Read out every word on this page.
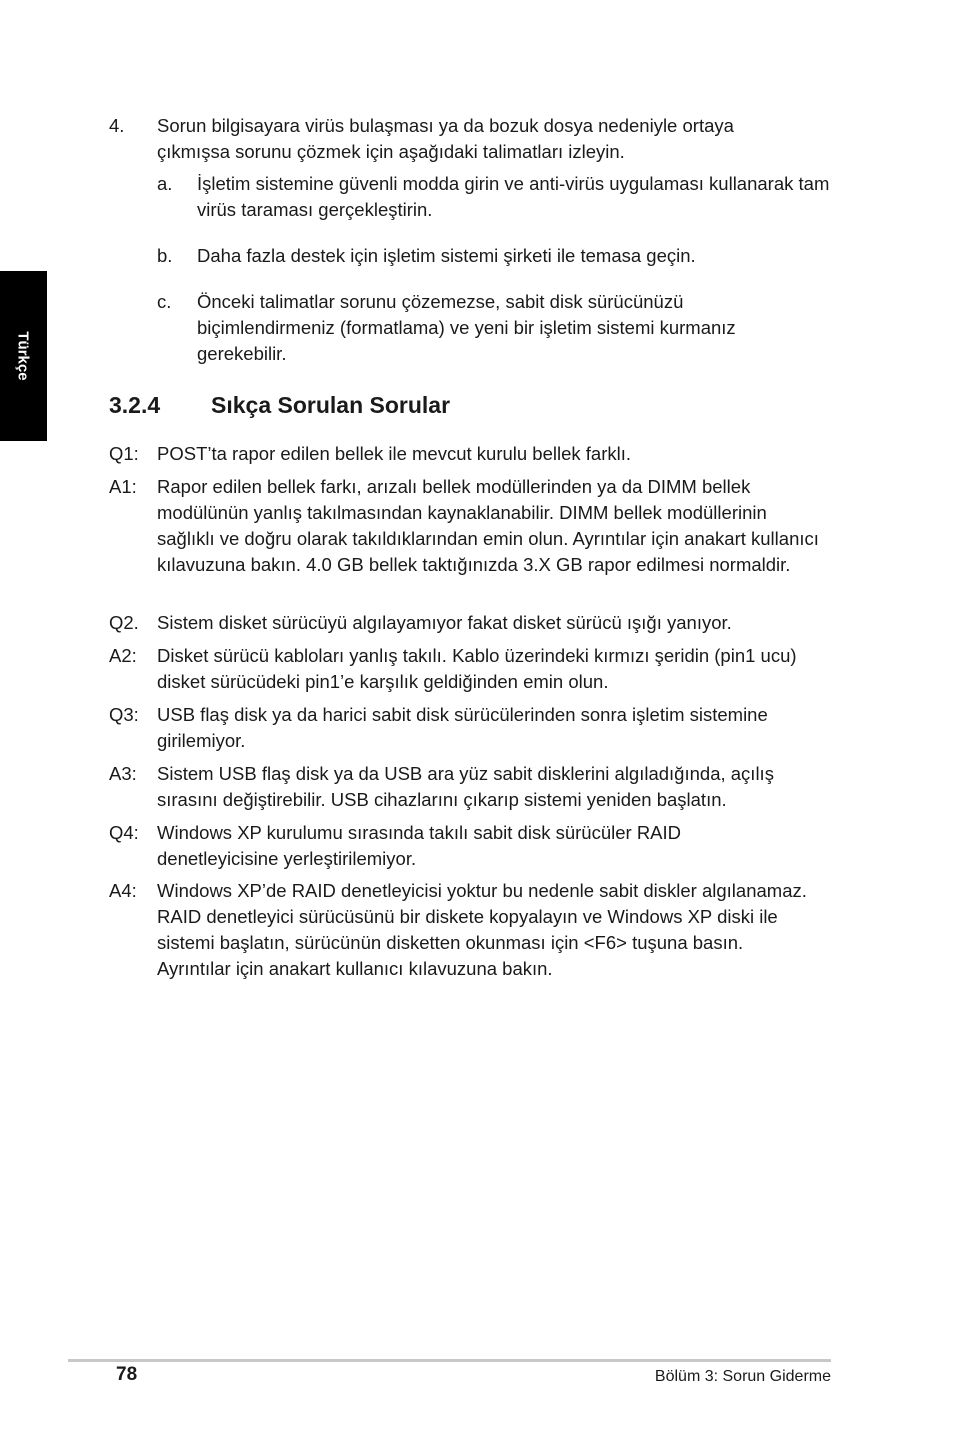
Türkçe
4. Sorun bilgisayara virüs bulaşması ya da bozuk dosya nedeniyle ortaya çıkmışsa sorunu çözmek için aşağıdaki talimatları izleyin.
a. İşletim sistemine güvenli modda girin ve anti-virüs uygulaması kullanarak tam virüs taraması gerçekleştirin.
b. Daha fazla destek için işletim sistemi şirketi ile temasa geçin.
c. Önceki talimatlar sorunu çözemezse, sabit disk sürücünüzü biçimlendirmeniz (formatlama) ve yeni bir işletim sistemi kurmanız gerekebilir.
3.2.4 Sıkça Sorulan Sorular
Q1: POST’ta rapor edilen bellek ile mevcut kurulu bellek farklı.
A1: Rapor edilen bellek farkı, arızalı bellek modüllerinden ya da DIMM bellek modülünün yanlış takılmasından kaynaklanabilir. DIMM bellek modüllerinin sağlıklı ve doğru olarak takıldıklarından emin olun. Ayrıntılar için anakart kullanıcı kılavuzuna bakın. 4.0 GB bellek taktığınızda 3.X GB rapor edilmesi normaldir.
Q2. Sistem disket sürücüyü algılayamıyor fakat disket sürücü ışığı yanıyor.
A2: Disket sürücü kabloları yanlış takılı. Kablo üzerindeki kırmızı şeridin (pin1 ucu) disket sürücüdeki pin1’e karşılık geldiğinden emin olun.
Q3: USB flaş disk ya da harici sabit disk sürücülerinden sonra işletim sistemine girilemiyor.
A3: Sistem USB flaş disk ya da USB ara yüz sabit disklerini algıladığında, açılış sırasını değiştirebilir. USB cihazlarını çıkarıp sistemi yeniden başlatın.
Q4: Windows XP kurulumu sırasında takılı sabit disk sürücüler RAID denetleyicisine yerleştirilemiyor.
A4: Windows XP’de RAID denetleyicisi yoktur bu nedenle sabit diskler algılanamaz. RAID denetleyici sürücüsünü bir diskete kopyalayın ve Windows XP diski ile sistemi başlatın, sürücünün disketten okunması için <F6> tuşuna basın. Ayrıntılar için anakart kullanıcı kılavuzuna bakın.
78	Bölüm 3: Sorun Giderme
